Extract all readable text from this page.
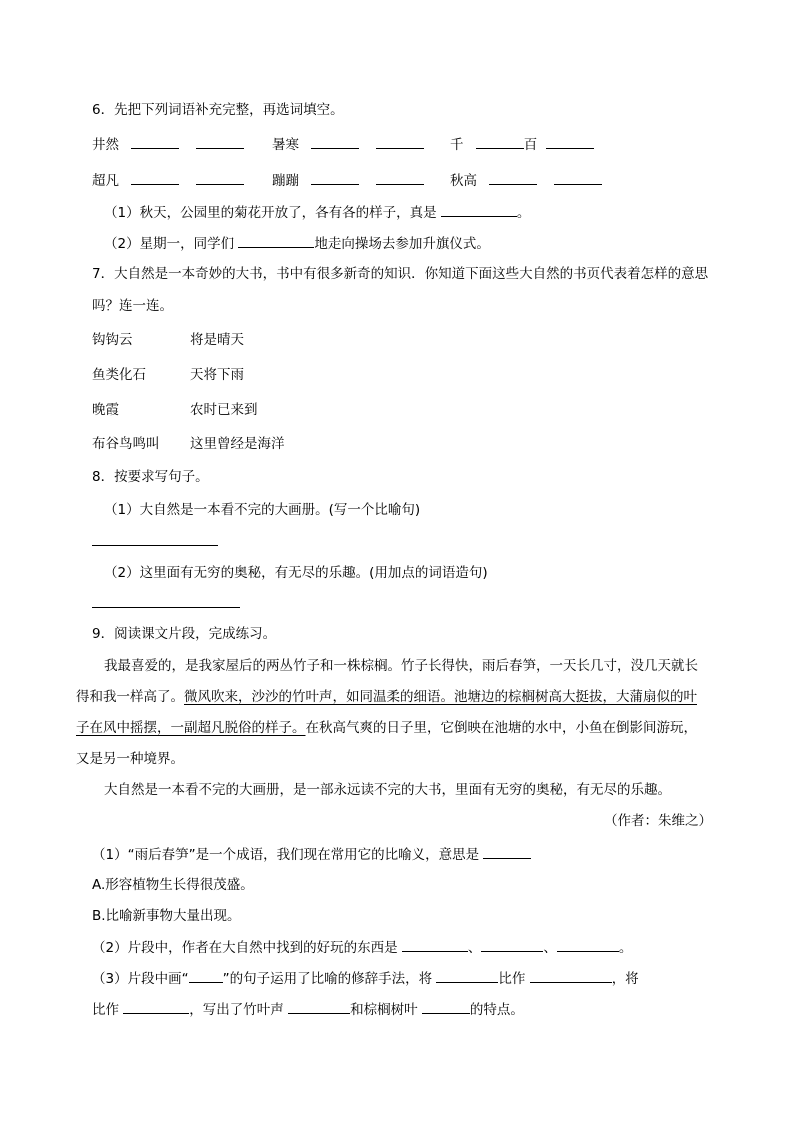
6．先把下列词语补充完整，再选词填空。
井然	暑寒	千	百
超凡	蹦蹦	秋高
（1）秋天，公园里的菊花开放了，各有各的样子，真是	。
（2）星期一，同学们	地走向操场去参加升旗仪式。
7．大自然是一本奇妙的大书，书中有很多新奇的知识．你知道下面这些大自然的书页代表着怎样的意思
吗？连一连。
钩钩云	将是晴天
鱼类化石	天将下雨
晚霞	农时已来到
布谷鸟鸣叫 这里曾经是海洋
8．按要求写句子。
（1）大自然是一本看不完的大画册。(写一个比喻句)
（2）这里面有无穷的奥秘，有无尽的乐趣。(用加点的词语造句)
9．阅读课文片段，完成练习。
我最喜爱的，是我家屋后的两丛竹子和一株棕榈。竹子长得快，雨后春笋，一天长几寸，没几天就长
得和我一样高了。微风吹来，沙沙的竹叶声，如同温柔的细语。池塘边的棕榈树高大挺拔，大蒲扇似的叶
子在风中摇摆，一副超凡脱俗的样子。在秋高气爽的日子里，它倒映在池塘的水中，小鱼在倒影间游玩，
又是另一种境界。
大自然是一本看不完的大画册，是一部永远读不完的大书，里面有无穷的奥秘，有无尽的乐趣。
（作者：朱维之）
（1）“雨后春笋”是一个成语，我们现在常用它的比喻义，意思是
A.形容植物生长得很茂盛。
B.比喻新事物大量出现。
（2）片段中，作者在大自然中找到的好玩的东西是	、	、	。
（3）片段中画“	”的句子运用了比喻的修辞手法，将	比作	，将
比作	，写出了竹叶声	和棕榈树叶	的特点。
